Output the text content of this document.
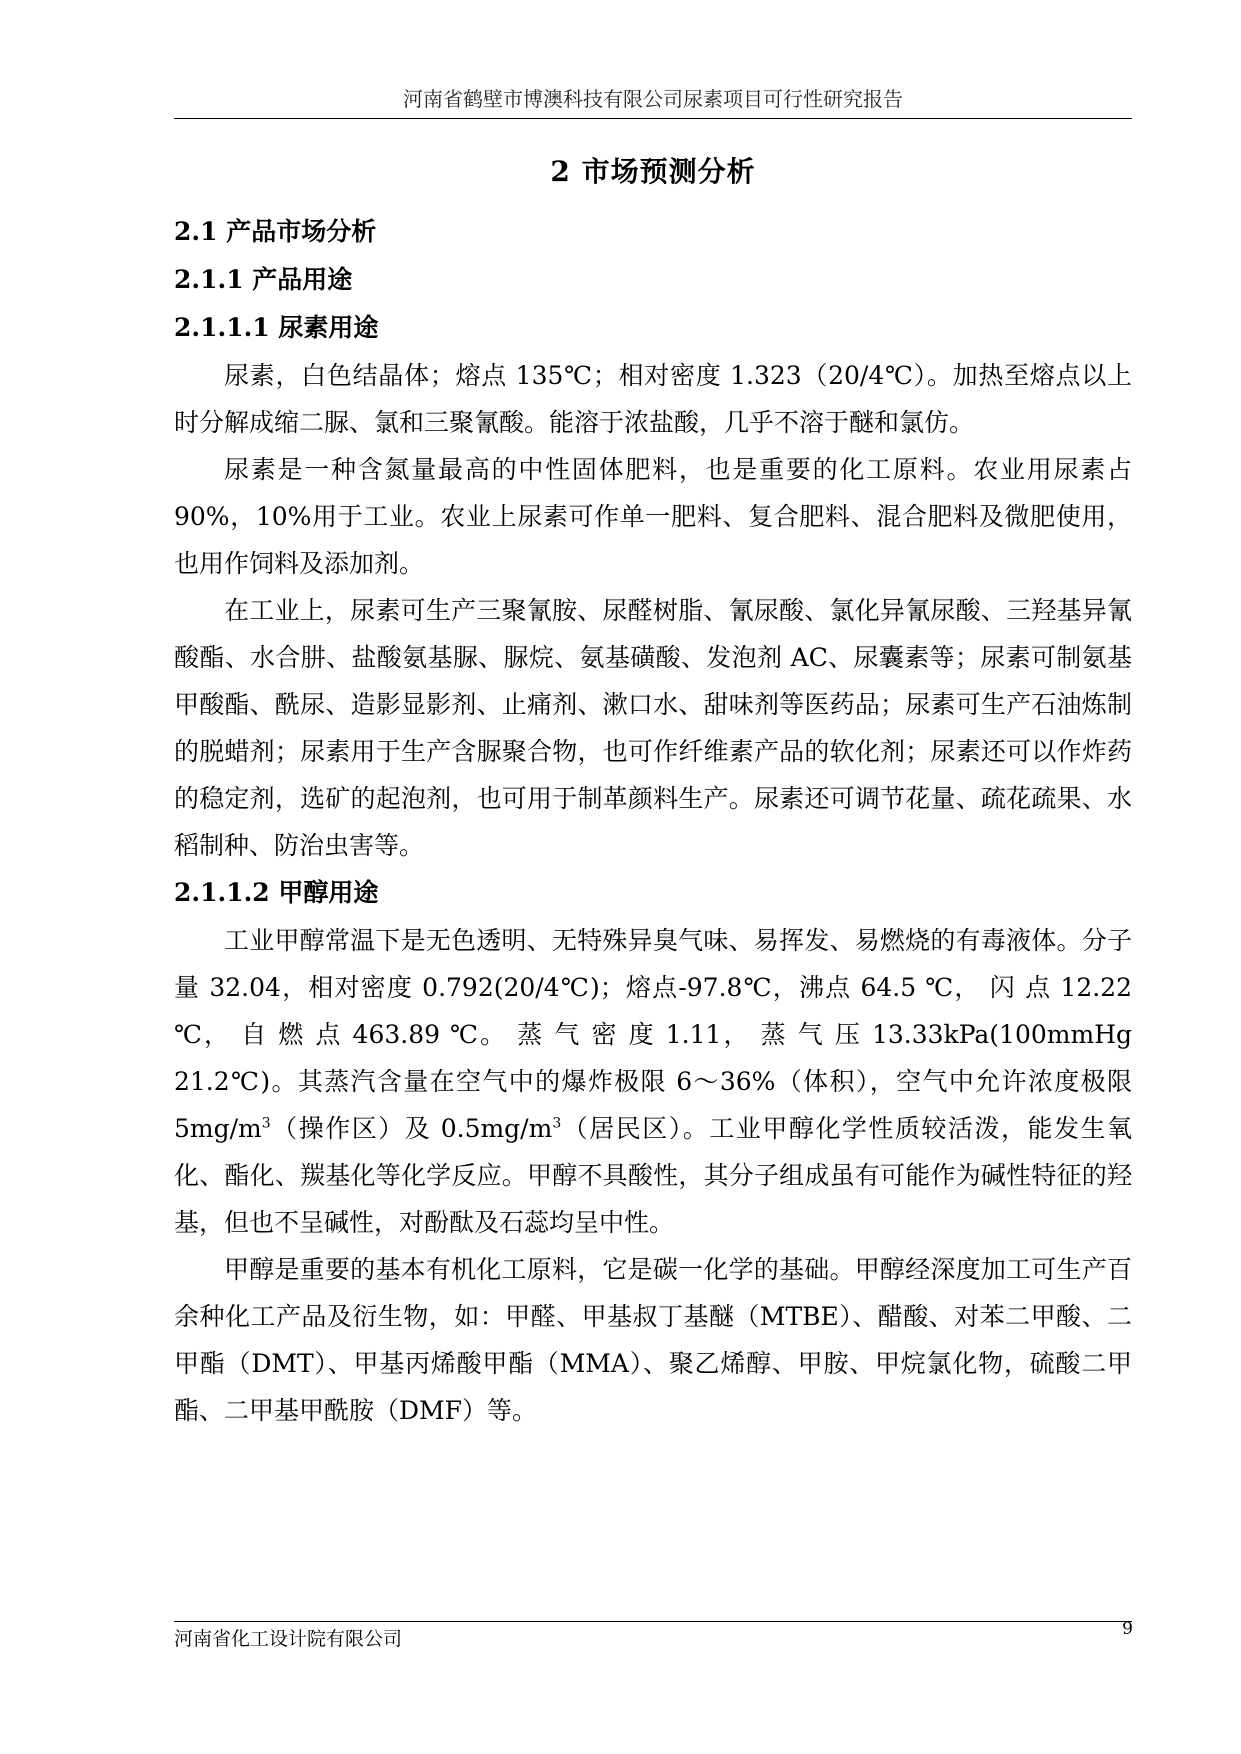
河南省鹤壁市博澳科技有限公司尿素项目可行性研究报告
2 市场预测分析
2.1 产品市场分析
2.1.1 产品用途
2.1.1.1 尿素用途

尿素，白色结晶体；熔点 135℃；相对密度 1.323（20/4℃）。加热至熔点以上时分解成缩二脲、氯和三聚氰酸。能溶于浓盐酸，几乎不溶于醚和氯仿。

尿素是一种含氮量最高的中性固体肥料，也是重要的化工原料。农业用尿素占 90%，10%用于工业。农业上尿素可作单一肥料、复合肥料、混合肥料及微肥使用，也用作饲料及添加剂。

在工业上，尿素可生产三聚氰胺、尿醛树脂、氰尿酸、氯化异氰尿酸、三羟基异氰酸酯、水合肼、盐酸氨基脲、脲烷、氨基磺酸、发泡剂 AC、尿囊素等；尿素可制氨基甲酸酯、酰尿、造影显影剂、止痛剂、漱口水、甜味剂等医药品；尿素可生产石油炼制的脱蜡剂；尿素用于生产含脲聚合物，也可作纤维素产品的软化剂；尿素还可以作炸药的稳定剂，选矿的起泡剂，也可用于制革颜料生产。尿素还可调节花量、疏花疏果、水稻制种、防治虫害等。

2.1.1.2 甲醇用途

工业甲醇常温下是无色透明、无特殊异臭气味、易挥发、易燃烧的有毒液体。分子量 32.04，相对密度 0.792(20/4℃)；熔点-97.8℃，沸点 64.5 ℃， 闪 点 12.22 ℃， 自 燃 点 463.89 ℃。 蒸 气 密 度 1.11， 蒸 气 压 13.33kPa(100mmHg 21.2℃)。其蒸汽含量在空气中的爆炸极限 6～36%（体积），空气中允许浓度极限 $5mg/m^3$（操作区）及 $0.5mg/m^3$（居民区）。工业甲醇化学性质较活泼，能发生氧化、酯化、羰基化等化学反应。甲醇不具酸性，其分子组成虽有可能作为碱性特征的羟基，但也不呈碱性，对酚酞及石蕊均呈中性。

甲醇是重要的基本有机化工原料，它是碳一化学的基础。甲醇经深度加工可生产百余种化工产品及衍生物，如：甲醛、甲基叔丁基醚（MTBE）、醋酸、对苯二甲酸、二甲酯（DMT）、甲基丙烯酸甲酯（MMA）、聚乙烯醇、甲胺、甲烷氯化物，硫酸二甲酯、二甲基甲酰胺（DMF）等。

河南省化工设计院有限公司	9
